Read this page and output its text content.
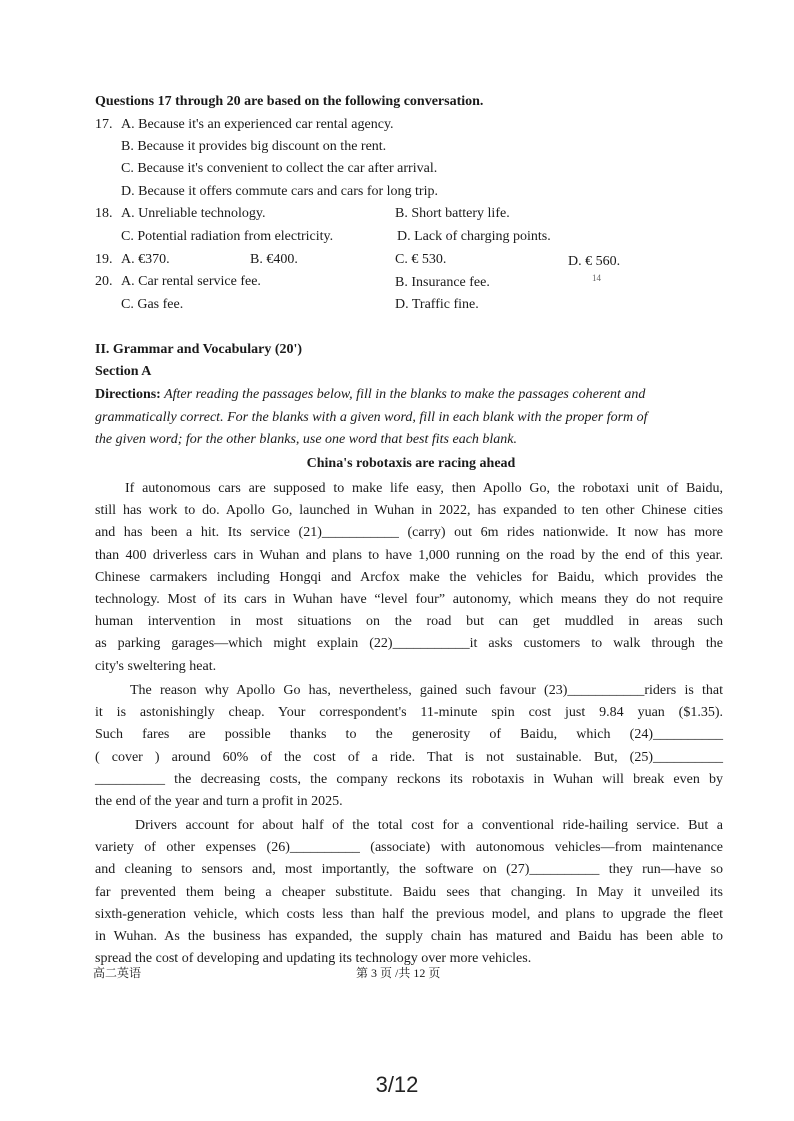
Questions 17 through 20 are based on the following conversation.
17. A. Because it's an experienced car rental agency.
B. Because it provides big discount on the rent.
C. Because it's convenient to collect the car after arrival.
D. Because it offers commute cars and cars for long trip.
18. A. Unreliable technology.	B. Short battery life.
C. Potential radiation from electricity.	D. Lack of charging points.
19. A. €370.	B. €400.	C. € 530.	D. € 560.
14
20. A. Car rental service fee.	B. Insurance fee.
C. Gas fee.	D. Traffic fine.
II. Grammar and Vocabulary (20')
Section A
Directions: After reading the passages below, fill in the blanks to make the passages coherent and
grammatically correct. For the blanks with a given word, fill in each blank with the proper form of
the given word; for the other blanks, use one word that best fits each blank.
China's robotaxis are racing ahead
If autonomous cars are supposed to make life easy, then Apollo Go, the robotaxi unit of Baidu,
still has work to do. Apollo Go, launched in Wuhan in 2022, has expanded to ten other Chinese cities
and has been a hit. Its service (21)___________ (carry) out 6m rides nationwide. It now has more
than 400 driverless cars in Wuhan and plans to have 1,000 running on the road by the end of this year.
Chinese carmakers including Hongqi and Arcfox make the vehicles for Baidu, which provides the
technology. Most of its cars in Wuhan have “level four” autonomy, which means they do not require
human intervention in most situations on the road but can get muddled in areas such
as parking garages—which might explain (22)___________it asks customers to walk through the
city's sweltering heat.
The reason why Apollo Go has, nevertheless, gained such favour (23)___________riders is that
it is astonishingly cheap. Your correspondent's 11-minute spin cost just 9.84 yuan ($1.35).
Such fares are possible thanks to the generosity of Baidu, which (24)__________
( cover ) around 60% of the cost of a ride. That is not sustainable. But, (25)__________
__________ the decreasing costs, the company reckons its robotaxis in Wuhan will break even by
the end of the year and turn a profit in 2025.
Drivers account for about half of the total cost for a conventional ride-hailing service. But a
variety of other expenses (26)__________ (associate) with autonomous vehicles—from maintenance
and cleaning to sensors and, most importantly, the software on (27)__________ they run—have so
far prevented them being a cheaper substitute. Baidu sees that changing. In May it unveiled its
sixth-generation vehicle, which costs less than half the previous model, and plans to upgrade the fleet
in Wuhan. As the business has expanded, the supply chain has matured and Baidu has been able to
spread the cost of developing and updating its technology over more vehicles.
高二英语	第 3 页 /共 12 页
3/12
